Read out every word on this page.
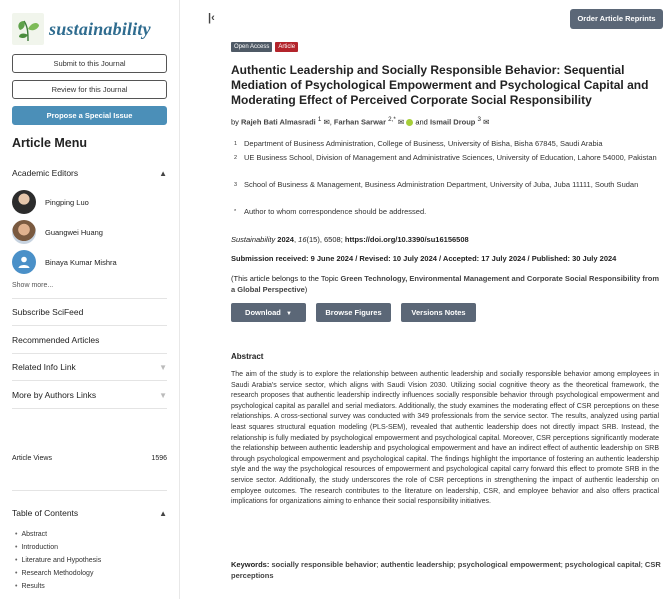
sustainability
Submit to this Journal
Review for this Journal
Propose a Special Issue
Article Menu
Academic Editors	▲
Pingping Luo
Guangwei Huang
Binaya Kumar Mishra
Show more...
Subscribe SciFeed
Recommended Articles
Related Info Link	▼
More by Authors Links	▼
Article Views	1596
Table of Contents	▲
• Abstract
• Introduction
• Literature and Hypothesis
• Research Methodology
• Results
|‹	Order Article Reprints
Open Access	Article
Authentic Leadership and Socially Responsible Behavior: Sequential Mediation of Psychological Empowerment and Psychological Capital and Moderating Effect of Perceived Corporate Social Responsibility
by Rajeh Bati Almasradi $^1$ ✉, Farhan Sarwar $^{2,*}$ ✉ and Ismail Droup $^3$ ✉
1 Department of Business Administration, College of Business, University of Bisha, Bisha 67845, Saudi Arabia
2 UE Business School, Division of Management and Administrative Sciences, University of Education, Lahore 54000, Pakistan
3 School of Business & Management, Business Administration Department, University of Juba, Juba 11111, South Sudan
*	Author to whom correspondence should be addressed.
Sustainability 2024, 16(15), 6508; https://doi.org/10.3390/su16156508
Submission received: 9 June 2024 / Revised: 10 July 2024 / Accepted: 17 July 2024 / Published: 30 July 2024
(This article belongs to the Topic Green Technology, Environmental Management and Corporate Social Responsibility from a Global Perspective)
Download ▼	Browse Figures	Versions Notes
Abstract

The aim of the study is to explore the relationship between authentic leadership and socially responsible behavior among employees in Saudi Arabia's service sector, which aligns with Saudi Vision 2030. Utilizing social cognitive theory as the theoretical framework, the research proposes that authentic leadership indirectly influences socially responsible behavior through psychological empowerment and psychological capital as parallel and serial mediators. Additionally, the study examines the moderating effect of CSR perceptions on these relationships. A cross-sectional survey was conducted with 349 professionals from the service sector. The results, analyzed using partial least squares structural equation modeling (PLS-SEM), revealed that authentic leadership does not directly impact SRB. Instead, the relationship is fully mediated by psychological empowerment and psychological capital. Moreover, CSR perceptions significantly moderate the relationship between authentic leadership and psychological empowerment and have an indirect effect of authentic leadership on SRB through psychological empowerment and psychological capital. The findings highlight the importance of fostering an authentic leadership style and the way the psychological resources of empowerment and psychological capital carry forward this effect to promote SRB in the service sector. Additionally, the study underscores the role of CSR perceptions in strengthening the impact of authentic leadership on employee outcomes. The research contributes to the literature on leadership, CSR, and employee behavior and also offers practical implications for organizations aiming to enhance their social responsibility initiatives.

Keywords: socially responsible behavior; authentic leadership; psychological empowerment; psychological capital; CSR perceptions
